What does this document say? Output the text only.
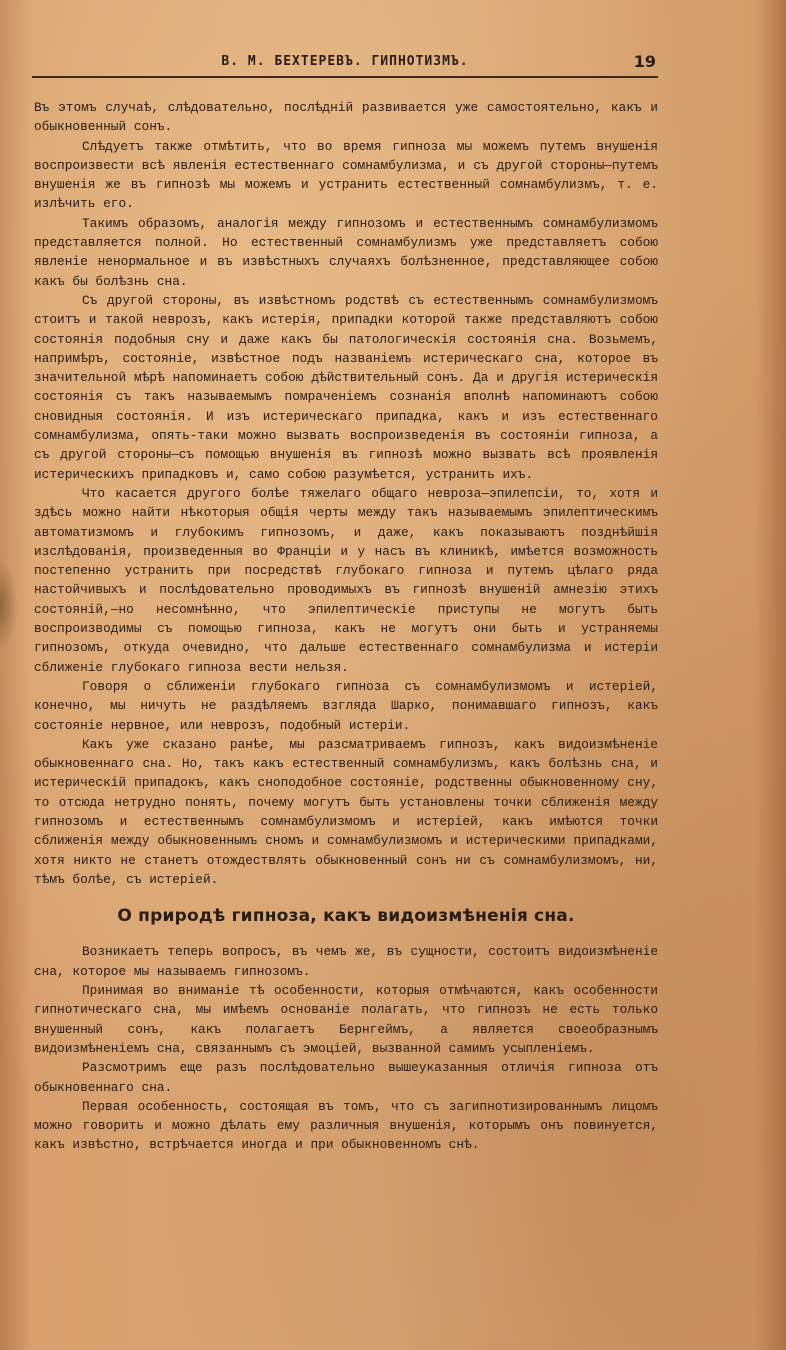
В. М. БЕХТЕРЕВЪ. ГИПНОТИЗМЪ.	19

Въ этомъ случаѣ, слѣдовательно, послѣдній развивается уже самостоятельно, какъ и обыкновенный сонъ.

Слѣдуетъ также отмѣтить, что во время гипноза мы можемъ путемъ внушенія воспроизвести всѣ явленія естественнаго сомнамбулизма, и съ другой стороны—путемъ внушенія же въ гипнозѣ мы можемъ и устранить естественный сомнамбулизмъ, т. е. излѣчить его.

Такимъ образомъ, аналогія между гипнозомъ и естественнымъ сомнамбулизмомъ представляется полной. Но естественный сомнамбулизмъ уже представляетъ собою явленіе ненормальное и въ извѣстныхъ случаяхъ болѣзненное, представляющее собою какъ бы болѣзнь сна.

Съ другой стороны, въ извѣстномъ родствѣ съ естественнымъ сомнамбулизмомъ стоитъ и такой неврозъ, какъ истерія, припадки которой также представляютъ собою состоянія подобныя сну и даже какъ бы патологическія состоянія сна. Возьмемъ, напримѣръ, состояніе, извѣстное подъ названіемъ истерическаго сна, которое въ значительной мѣрѣ напоминаетъ собою дѣйствительный сонъ. Да и другія истерическія состоянія съ такъ называемымъ помраченіемъ сознанія вполнѣ напоминаютъ собою сновидныя состоянія. И изъ истерическаго припадка, какъ и изъ естественнаго сомнамбулизма, опять-таки можно вызвать воспроизведенія въ состояніи гипноза, а съ другой стороны—съ помощью внушенія въ гипнозѣ можно вызвать всѣ проявленія истерическихъ припадковъ и, само собою разумѣется, устранить ихъ.

Что касается другого болѣе тяжелаго общаго невроза—эпилепсіи, то, хотя и здѣсь можно найти нѣкоторыя общія черты между такъ называемымъ эпилептическимъ автоматизмомъ и глубокимъ гипнозомъ, и даже, какъ показываютъ позднѣйшія изслѣдованія, произведенныя во Франціи и у насъ въ клиникѣ, имѣется возможность постепенно устранить при посредствѣ глубокаго гипноза и путемъ цѣлаго ряда настойчивыхъ и послѣдовательно проводимыхъ въ гипнозѣ внушеній амнезію этихъ состояній,—но несомнѣнно, что эпилептическіе приступы не могутъ быть воспроизводимы съ помощью гипноза, какъ не могутъ они быть и устраняемы гипнозомъ, откуда очевидно, что дальше естественнаго сомнамбулизма и истеріи сближеніе глубокаго гипноза вести нельзя.

Говоря о сближеніи глубокаго гипноза съ сомнамбулизмомъ и истеріей, конечно, мы ничуть не раздѣляемъ взгляда Шарко, понимавшаго гипнозъ, какъ состояніе нервное, или неврозъ, подобный истеріи.

Какъ уже сказано ранѣе, мы разсматриваемъ гипнозъ, какъ видоизмѣненіе обыкновеннаго сна. Но, такъ какъ естественный сомнамбулизмъ, какъ болѣзнь сна, и истерическій припадокъ, какъ сноподобное состояніе, родственны обыкновенному сну, то отсюда нетрудно понять, почему могутъ быть установлены точки сближенія между гипнозомъ и естественнымъ сомнамбулизмомъ и истеріей, какъ имѣются точки сближенія между обыкновеннымъ сномъ и сомнамбулизмомъ и истерическими припадками, хотя никто не станетъ отождествлять обыкновенный сонъ ни съ сомнамбулизмомъ, ни, тѣмъ болѣе, съ истеріей.

О природѣ гипноза, какъ видоизмѣненія сна.

Возникаетъ теперь вопросъ, въ чемъ же, въ сущности, состоитъ видоизмѣненіе сна, которое мы называемъ гипнозомъ.

Принимая во вниманіе тѣ особенности, которыя отмѣчаются, какъ особенности гипнотическаго сна, мы имѣемъ основаніе полагать, что гипнозъ не есть только внушенный сонъ, какъ полагаетъ Бернгеймъ, а является своеобразнымъ видоизмѣненіемъ сна, связаннымъ съ эмоціей, вызванной самимъ усыпленіемъ.

Разсмотримъ еще разъ послѣдовательно вышеуказанныя отличія гипноза отъ обыкновеннаго сна.

Первая особенность, состоящая въ томъ, что съ загипнотизированнымъ лицомъ можно говорить и можно дѣлать ему различныя внушенія, которымъ онъ повинуется, какъ извѣстно, встрѣчается иногда и при обыкновенномъ снѣ.
